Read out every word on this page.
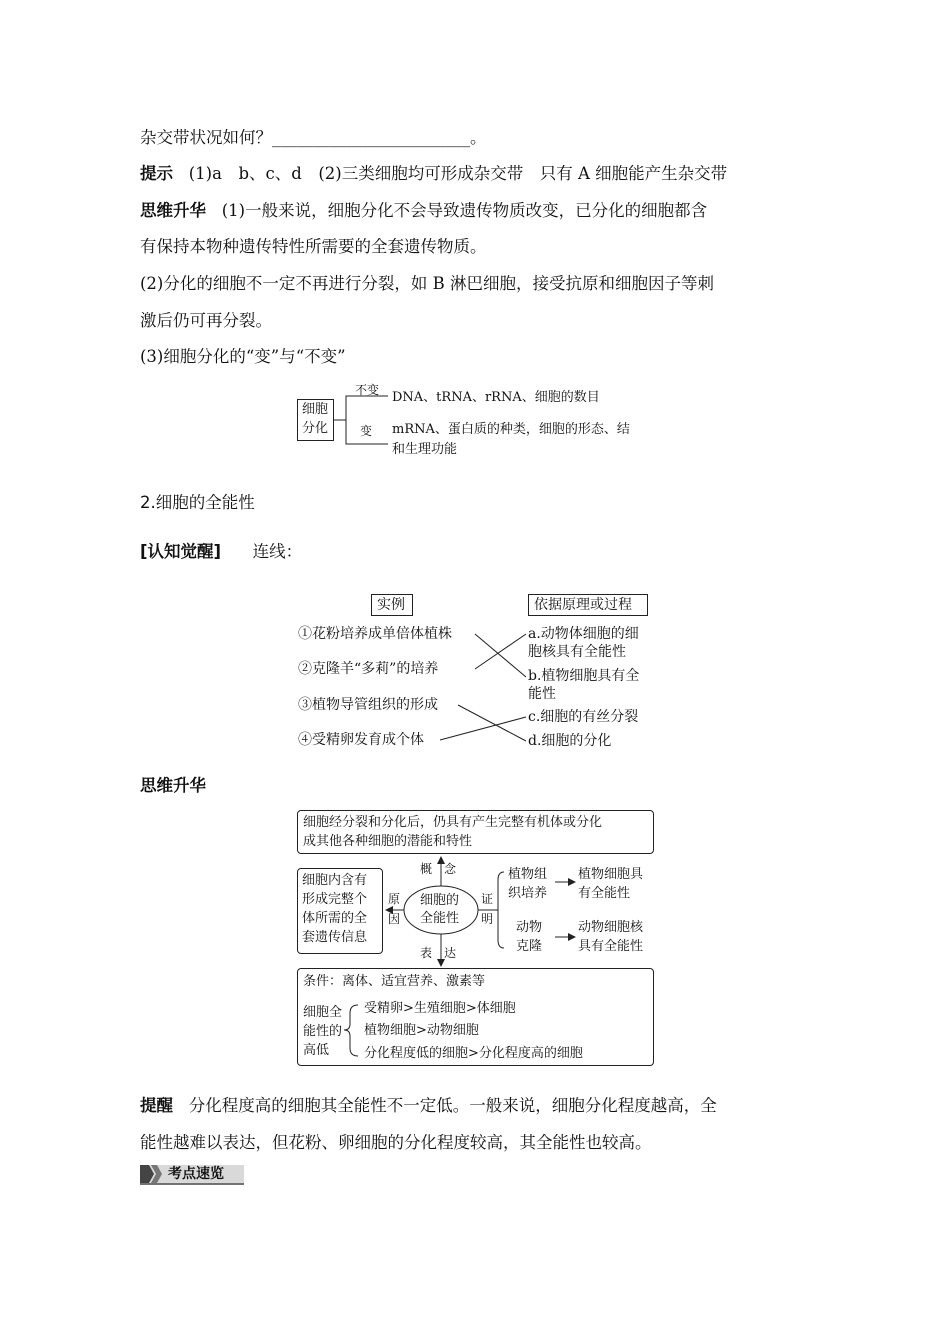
杂交带状况如何？________________________。
提示 (1)a　b、c、d　(2)三类细胞均可形成杂交带　只有 A 细胞能产生杂交带
思维升华 (1)一般来说，细胞分化不会导致遗传物质改变，已分化的细胞都含
有保持本物种遗传特性所需要的全套遗传物质。
(2)分化的细胞不一定不再进行分裂，如 B 淋巴细胞，接受抗原和细胞因子等刺
激后仍可再分裂。
(3)细胞分化的“变”与“不变”
细胞
分化
不变 DNA、tRNA、rRNA、细胞的数目
变 mRNA、蛋白质的种类，细胞的形态、结
和生理功能
2.细胞的全能性
[认知觉醒] 连线：
实例	依据原理或过程
①花粉培养成单倍体植株
②克隆羊“多莉”的培养
③植物导管组织的形成
④受精卵发育成个体
a.动物体细胞的细
胞核具有全能性
b.植物细胞具有全
能性
c.细胞的有丝分裂
d.细胞的分化
思维升华
细胞经分裂和分化后，仍具有产生完整有机体或分化
成其他各种细胞的潜能和特性
细胞内含有
形成完整个
体所需的全
套遗传信息
概　念
原
因
细胞的
全能性
证
明
植物组
织培养
植物细胞具
有全能性
动物
克隆
动物细胞核
具有全能性
表　达
条件：离体、适宜营养、激素等
细胞全
能性的
高低
受精卵>生殖细胞>体细胞
植物细胞>动物细胞
分化程度低的细胞>分化程度高的细胞
提醒 分化程度高的细胞其全能性不一定低。一般来说，细胞分化程度越高，全
能性越难以表达，但花粉、卵细胞的分化程度较高，其全能性也较高。
考点速览
